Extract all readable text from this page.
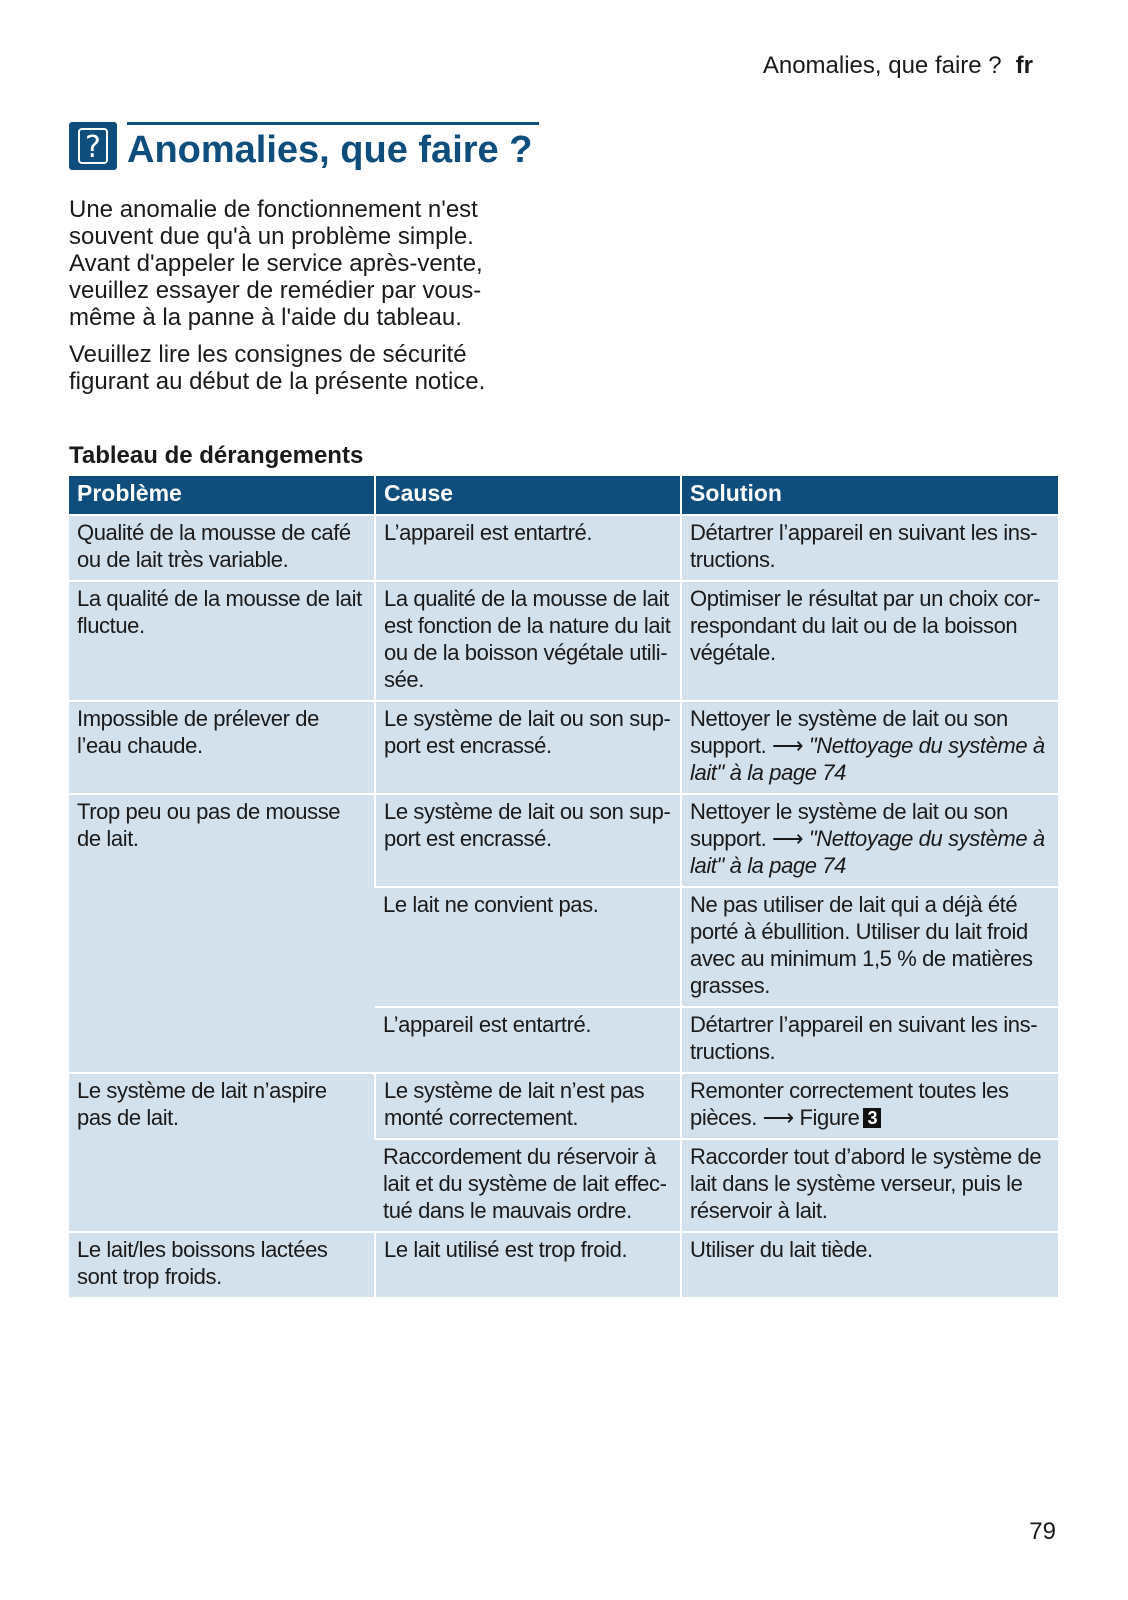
Anomalies, que faire ? fr
? Anomalies, que faire ?

Une anomalie de fonctionnement n'est souvent due qu'à un problème simple. Avant d'appeler le service après-vente, veuillez essayer de remédier par vous-même à la panne à l'aide du tableau.

Veuillez lire les consignes de sécurité figurant au début de la présente notice.

Tableau de dérangements
Problème	Cause	Solution
Qualité de la mousse de café ou de lait très variable.	L’appareil est entartré.	Détartrer l’appareil en suivant les instructions.
La qualité de la mousse de lait fluctue.	La qualité de la mousse de lait est fonction de la nature du lait ou de la boisson végétale utilisée.	Optimiser le résultat par un choix correspondant du lait ou de la boisson végétale.
Impossible de prélever de l’eau chaude.	Le système de lait ou son support est encrassé.	Nettoyer le système de lait ou son support. ⟶ "Nettoyage du système à lait" à la page 74
Trop peu ou pas de mousse de lait.	Le système de lait ou son support est encrassé.	Nettoyer le système de lait ou son support. ⟶ "Nettoyage du système à lait" à la page 74
	Le lait ne convient pas.	Ne pas utiliser de lait qui a déjà été porté à ébullition. Utiliser du lait froid avec au minimum 1,5 % de matières grasses.
	L’appareil est entartré.	Détartrer l’appareil en suivant les instructions.
Le système de lait n’aspire pas de lait.	Le système de lait n’est pas monté correctement.	Remonter correctement toutes les pièces. ⟶ Figure 3
	Raccordement du réservoir à lait et du système de lait effectué dans le mauvais ordre.	Raccorder tout d’abord le système de lait dans le système verseur, puis le réservoir à lait.
Le lait/les boissons lactées sont trop froids.	Le lait utilisé est trop froid.	Utiliser du lait tiède.
79
